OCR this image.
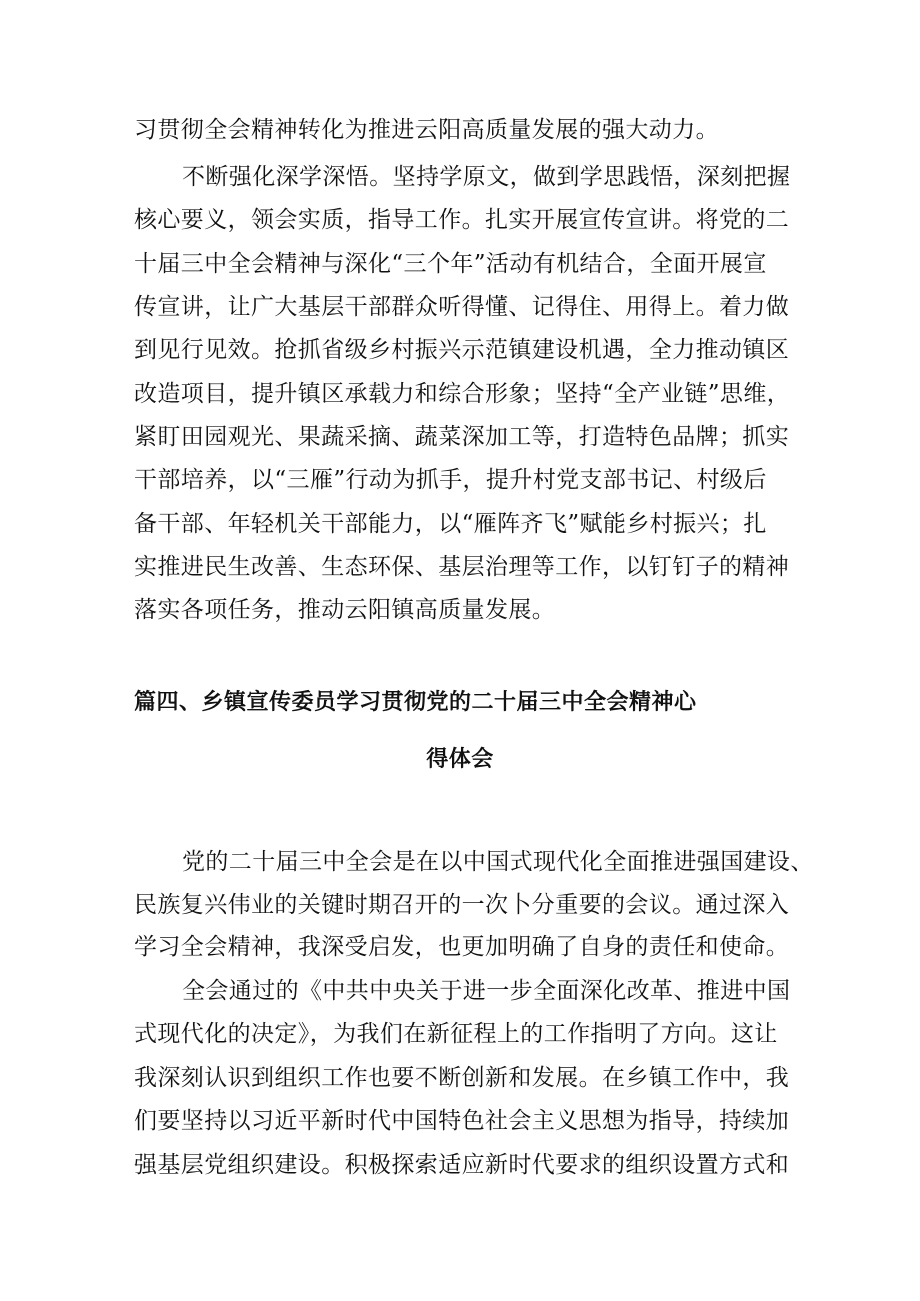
习贯彻全会精神转化为推进云阳高质量发展的强大动力。
不断强化深学深悟。坚持学原文，做到学思践悟，深刻把握
核心要义，领会实质，指导工作。扎实开展宣传宣讲。将党的二
十届三中全会精神与深化“三个年”活动有机结合，全面开展宣
传宣讲，让广大基层干部群众听得懂、记得住、用得上。着力做
到见行见效。抢抓省级乡村振兴示范镇建设机遇，全力推动镇区
改造项目，提升镇区承载力和综合形象；坚持“全产业链”思维，
紧盯田园观光、果蔬采摘、蔬菜深加工等，打造特色品牌；抓实
干部培养，以“三雁”行动为抓手，提升村党支部书记、村级后
备干部、年轻机关干部能力，以“雁阵齐飞”赋能乡村振兴；扎
实推进民生改善、生态环保、基层治理等工作，以钉钉子的精神
落实各项任务，推动云阳镇高质量发展。
篇四、乡镇宣传委员学习贯彻党的二十届三中全会精神心
得体会
党的二十届三中全会是在以中国式现代化全面推进强国建设、
民族复兴伟业的关键时期召开的一次卜分重要的会议。通过深入
学习全会精神，我深受启发，也更加明确了自身的责任和使命。
全会通过的《中共中央关于进一步全面深化改革、推进中国
式现代化的决定》，为我们在新征程上的工作指明了方向。这让
我深刻认识到组织工作也要不断创新和发展。在乡镇工作中，我
们要坚持以习近平新时代中国特色社会主义思想为指导，持续加
强基层党组织建设。积极探索适应新时代要求的组织设置方式和
